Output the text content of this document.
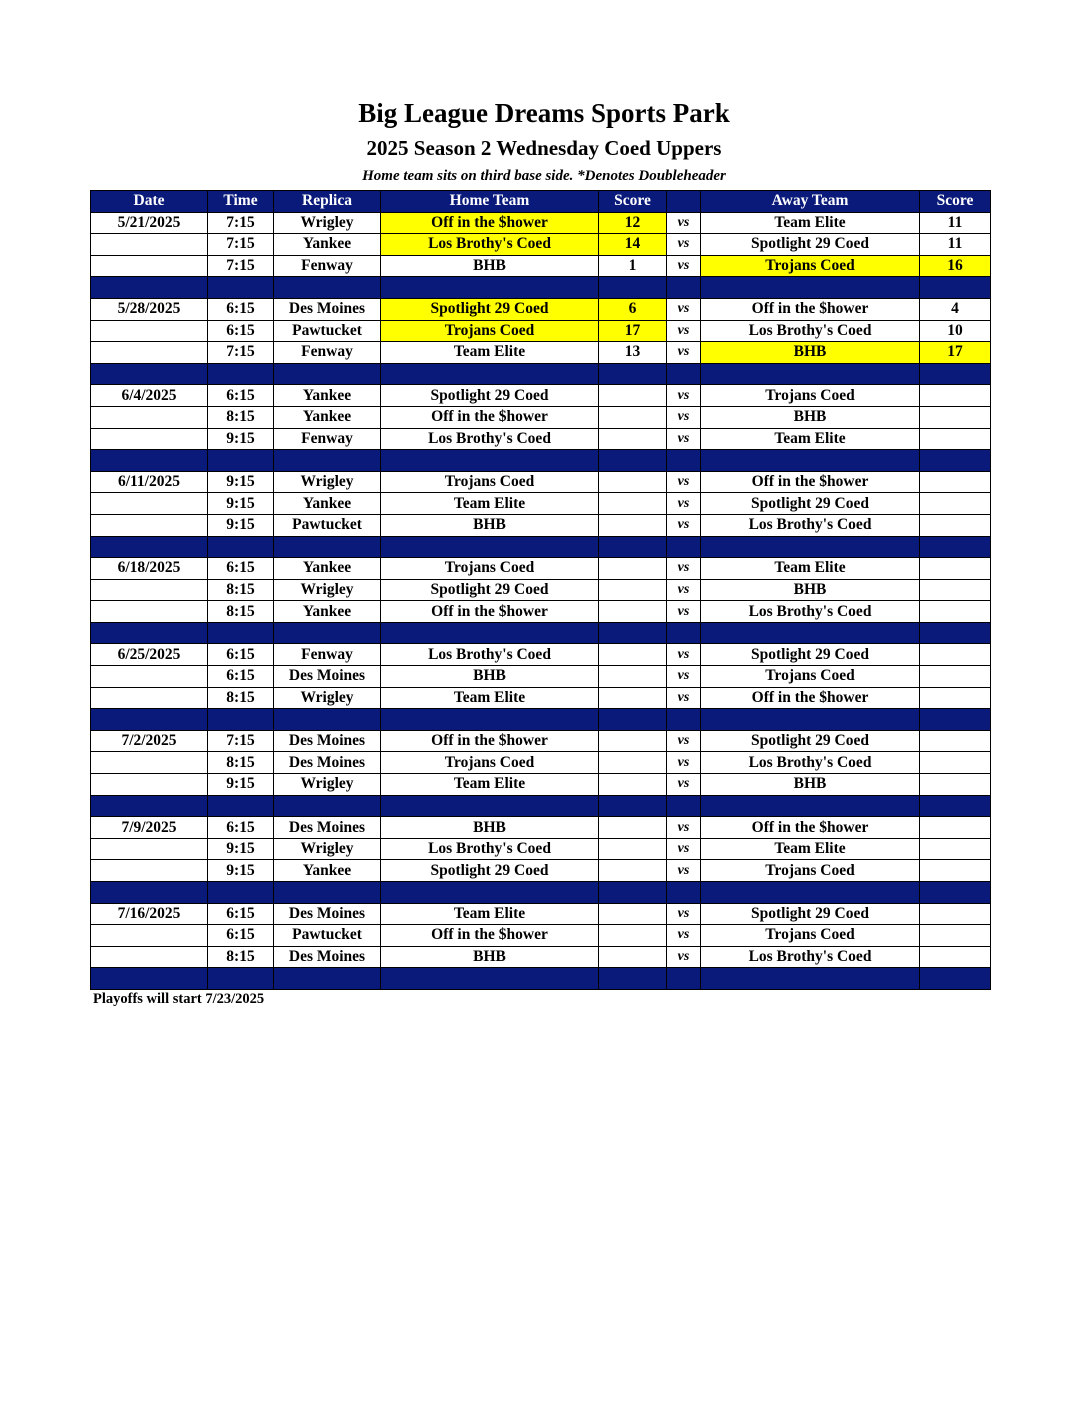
Big League Dreams Sports Park
2025 Season 2 Wednesday Coed Uppers
Home team sits on third base side. *Denotes Doubleheader
Date	Time	Replica	Home Team	Score		Away Team	Score
5/21/2025	7:15	Wrigley	Off in the $hower	12	vs	Team Elite	11
	7:15	Yankee	Los Brothy's Coed	14	vs	Spotlight 29 Coed	11
	7:15	Fenway	BHB	1	vs	Trojans Coed	16

5/28/2025	6:15	Des Moines	Spotlight 29 Coed	6	vs	Off in the $hower	4
	6:15	Pawtucket	Trojans Coed	17	vs	Los Brothy's Coed	10
	7:15	Fenway	Team Elite	13	vs	BHB	17

6/4/2025	6:15	Yankee	Spotlight 29 Coed		vs	Trojans Coed	
	8:15	Yankee	Off in the $hower		vs	BHB	
	9:15	Fenway	Los Brothy's Coed		vs	Team Elite	

6/11/2025	9:15	Wrigley	Trojans Coed		vs	Off in the $hower	
	9:15	Yankee	Team Elite		vs	Spotlight 29 Coed	
	9:15	Pawtucket	BHB		vs	Los Brothy's Coed	

6/18/2025	6:15	Yankee	Trojans Coed		vs	Team Elite	
	8:15	Wrigley	Spotlight 29 Coed		vs	BHB	
	8:15	Yankee	Off in the $hower		vs	Los Brothy's Coed	

6/25/2025	6:15	Fenway	Los Brothy's Coed		vs	Spotlight 29 Coed	
	6:15	Des Moines	BHB		vs	Trojans Coed	
	8:15	Wrigley	Team Elite		vs	Off in the $hower	

7/2/2025	7:15	Des Moines	Off in the $hower		vs	Spotlight 29 Coed	
	8:15	Des Moines	Trojans Coed		vs	Los Brothy's Coed	
	9:15	Wrigley	Team Elite		vs	BHB	

7/9/2025	6:15	Des Moines	BHB		vs	Off in the $hower	
	9:15	Wrigley	Los Brothy's Coed		vs	Team Elite	
	9:15	Yankee	Spotlight 29 Coed		vs	Trojans Coed	

7/16/2025	6:15	Des Moines	Team Elite		vs	Spotlight 29 Coed	
	6:15	Pawtucket	Off in the $hower		vs	Trojans Coed	
	8:15	Des Moines	BHB		vs	Los Brothy's Coed	

Playoffs will start 7/23/2025
